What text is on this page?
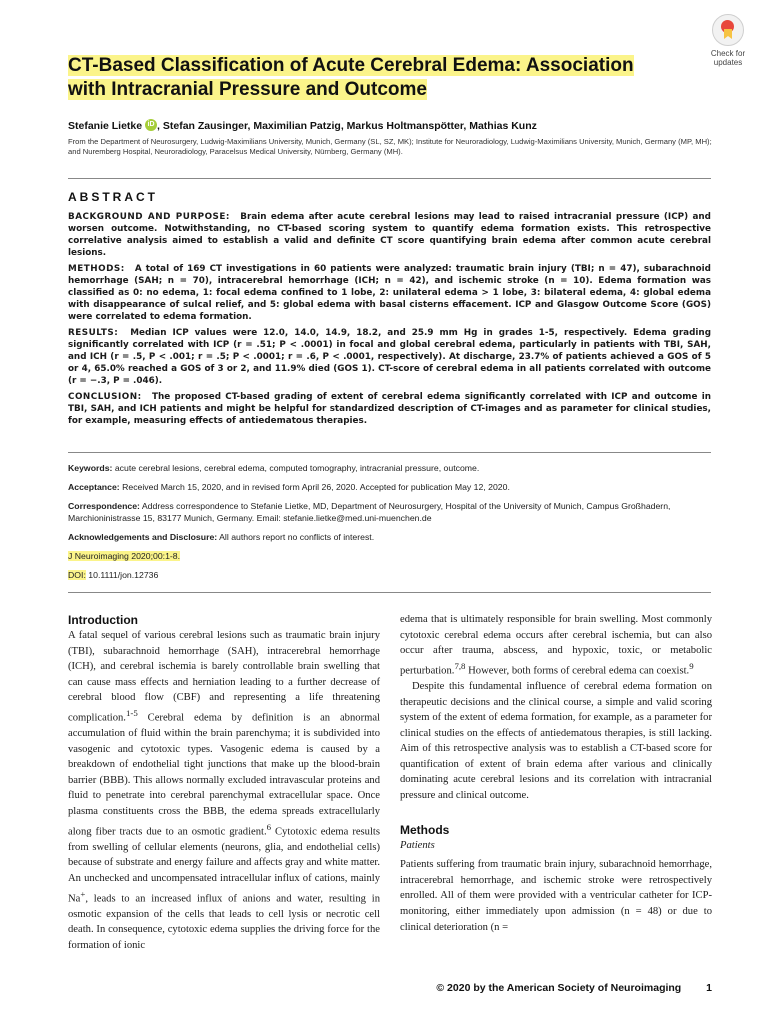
CT-Based Classification of Acute Cerebral Edema: Association
with Intracranial Pressure and Outcome
Check for
updates
Stefanie Lietke iD , Stefan Zausinger, Maximilian Patzig, Markus Holtmanspötter, Mathias Kunz
From the Department of Neurosurgery, Ludwig-Maximilians University, Munich, Germany (SL, SZ, MK); Institute for Neuroradiology, Ludwig-Maximilians University, Munich, Germany (MP, MH); and Nuremberg Hospital, Neuroradiology, Paracelsus Medical University, Nürnberg, Germany (MH).
ABSTRACT

BACKGROUND AND PURPOSE: Brain edema after acute cerebral lesions may lead to raised intracranial pressure (ICP) and worsen outcome. Notwithstanding, no CT-based scoring system to quantify edema formation exists. This retrospective correlative analysis aimed to establish a valid and definite CT score quantifying brain edema after common acute cerebral lesions.

METHODS: A total of 169 CT investigations in 60 patients were analyzed: traumatic brain injury (TBI; n = 47), subarachnoid hemorrhage (SAH; n = 70), intracerebral hemorrhage (ICH; n = 42), and ischemic stroke (n = 10). Edema formation was classified as 0: no edema, 1: focal edema confined to 1 lobe, 2: unilateral edema > 1 lobe, 3: bilateral edema, 4: global edema with disappearance of sulcal relief, and 5: global edema with basal cisterns effacement. ICP and Glasgow Outcome Score (GOS) were correlated to edema formation.

RESULTS: Median ICP values were 12.0, 14.0, 14.9, 18.2, and 25.9 mm Hg in grades 1-5, respectively. Edema grading significantly correlated with ICP (r = .51; P < .0001) in focal and global cerebral edema, particularly in patients with TBI, SAH, and ICH (r = .5, P < .001; r = .5; P < .0001; r = .6, P < .0001, respectively). At discharge, 23.7% of patients achieved a GOS of 5 or 4, 65.0% reached a GOS of 3 or 2, and 11.9% died (GOS 1). CT-score of cerebral edema in all patients correlated with outcome (r = −.3, P = .046).

CONCLUSION: The proposed CT-based grading of extent of cerebral edema significantly correlated with ICP and outcome in TBI, SAH, and ICH patients and might be helpful for standardized description of CT-images and as parameter for clinical studies, for example, measuring effects of antiedematous therapies.

Keywords: acute cerebral lesions, cerebral edema, computed tomography, intracranial pressure, outcome.

Acceptance: Received March 15, 2020, and in revised form April 26, 2020. Accepted for publication May 12, 2020.

Correspondence: Address correspondence to Stefanie Lietke, MD, Department of Neurosurgery, Hospital of the University of Munich, Campus Großhadern, Marchioninistrasse 15, 83177 Munich, Germany. Email: stefanie.lietke@med.uni-muenchen.de

Acknowledgements and Disclosure: All authors report no conflicts of interest.

J Neuroimaging 2020;00:1-8.

DOI: 10.1111/jon.12736

Introduction

A fatal sequel of various cerebral lesions such as traumatic brain injury (TBI), subarachnoid hemorrhage (SAH), intracerebral hemorrhage (ICH), and cerebral ischemia is barely controllable brain swelling that can cause mass effects and herniation leading to a further decrease of cerebral blood flow (CBF) and representing a life threatening complication.$^{1-5}$ Cerebral edema by definition is an abnormal accumulation of fluid within the brain parenchyma; it is subdivided into vasogenic and cytotoxic types. Vasogenic edema is caused by a breakdown of endothelial tight junctions that make up the blood-brain barrier (BBB). This allows normally excluded intravascular proteins and fluid to penetrate into cerebral parenchymal extracellular space. Once plasma constituents cross the BBB, the edema spreads extracellularly along fiber tracts due to an osmotic gradient.$^6$ Cytotoxic edema results from swelling of cellular elements (neurons, glia, and endothelial cells) because of substrate and energy failure and affects gray and white matter. An unchecked and uncompensated intracellular influx of cations, mainly Na+, leads to an increased influx of anions and water, resulting in osmotic expansion of the cells that leads to cell lysis or necrotic cell death. In consequence, cytotoxic edema supplies the driving force for the formation of ionic

edema that is ultimately responsible for brain swelling. Most commonly cytotoxic cerebral edema occurs after cerebral ischemia, but can also occur after trauma, abscess, and hypoxic, toxic, or metabolic perturbation.$^{7,8}$ However, both forms of cerebral edema can coexist.$^9$

Despite this fundamental influence of cerebral edema formation on therapeutic decisions and the clinical course, a simple and valid scoring system of the extent of edema formation, for example, as a parameter for clinical studies on the effects of antiedematous therapies, is still lacking. Aim of this retrospective analysis was to establish a CT-based score for quantification of extent of brain edema after various and clinically dominating acute cerebral lesions and its correlation with intracranial pressure and clinical outcome.

Methods

Patients

Patients suffering from traumatic brain injury, subarachnoid hemorrhage, intracerebral hemorrhage, and ischemic stroke were retrospectively enrolled. All of them were provided with a ventricular catheter for ICP-monitoring, either immediately upon admission (n = 48) or due to clinical deterioration (n =

© 2020 by the American Society of Neuroimaging 1
